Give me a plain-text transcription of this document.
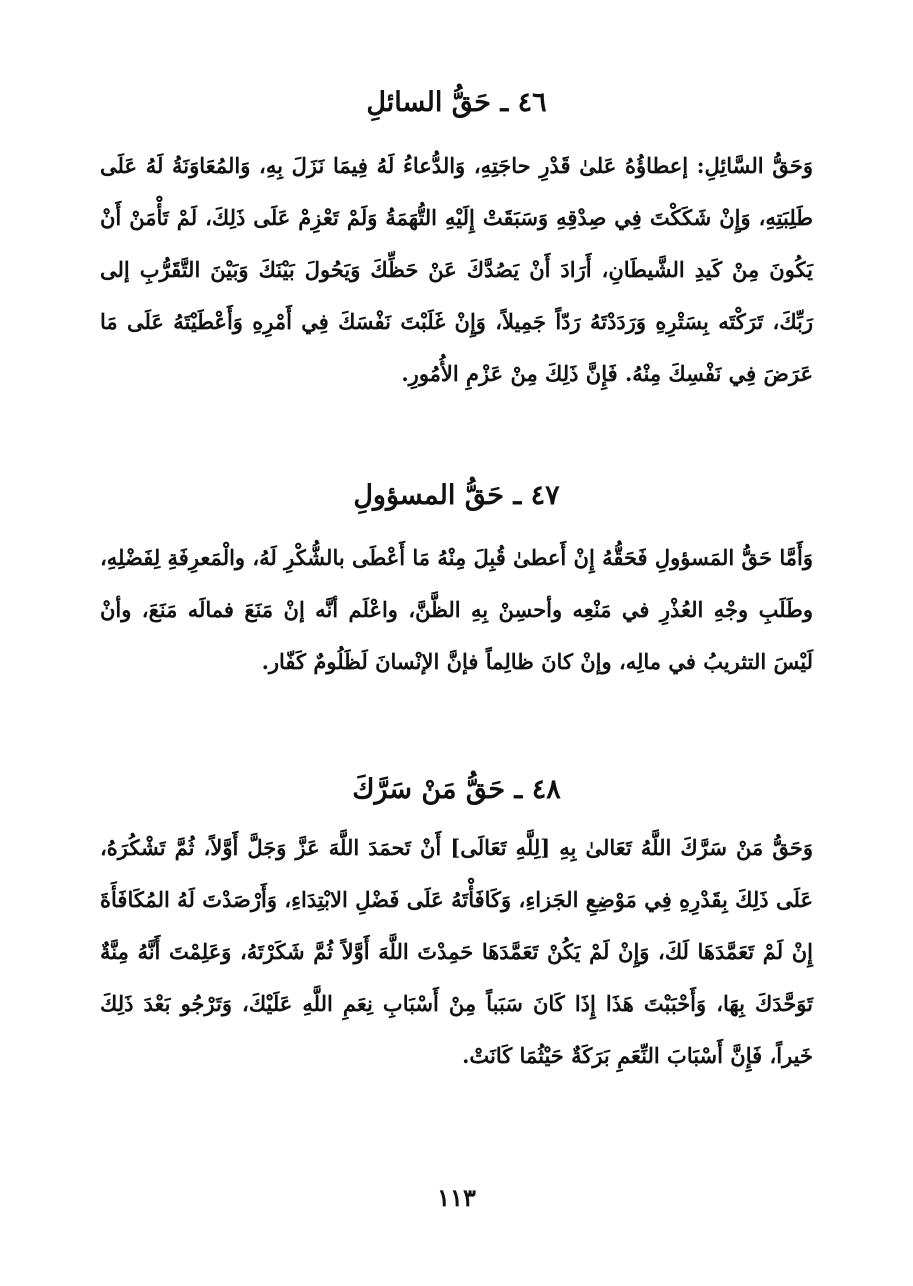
٤٦ ـ حَقُّ السائلِ

وَحَقُّ السَّائِلِ: إعطاؤُهُ عَلىٰ قَدْرِ حاجَتِهِ، وَالدُّعاءُ لَهُ فِيمَا نَزَلَ بِهِ، وَالمُعَاوَنَةُ لَهُ عَلَى طَلِبَتِهِ، وَإِنْ شَكَكْتَ فِي صِدْقِهِ وَسَبَقَتْ إِلَيْهِ التُّهَمَةُ وَلَمْ تَعْزِمْ عَلَى ذَلِكَ، لَمْ تَأْمَنْ أَنْ يَكُونَ مِنْ كَيدِ الشَّيطَانِ، أَرَادَ أَنْ يَصُدَّكَ عَنْ حَظِّكَ وَيَحُولَ بَيْنَكَ وَبَيْنَ التَّقَرُّبِ إلى رَبِّكَ، تَرَكْتَه بِسَتْرِهِ وَرَدَدْتَهُ رَدّاً جَمِيلاً، وَإِنْ غَلَبْتَ نَفْسَكَ فِي أَمْرِهِ وَأَعْطَيْتَهُ عَلَى مَا عَرَضَ فِي نَفْسِكَ مِنْهُ. فَإِنَّ ذَلِكَ مِنْ عَزْمِ الأُمُورِ.

٤٧ ـ حَقُّ المسؤولِ

وَأَمَّا حَقُّ المَسؤولِ فَحَقُّهُ إِنْ أَعطىٰ قُبِلَ مِنْهُ مَا أَعْطَى بالشُّكْرِ لَهُ، والْمَعرِفَةِ لِفَضْلِهِ، وطَلَبِ وجْهِ العُذْرِ في مَنْعِه وأحسِنْ بِهِ الظَّنَّ، واعْلَم أنَّه إنْ مَنَعَ فمالَه مَنَعَ، وأنْ لَيْسَ التثريبُ في مالِه، وإنْ كانَ ظالِماً فإنَّ الإنْسانَ لَظَلُومٌ كَفّار.

٤٨ ـ حَقُّ مَنْ سَرَّكَ

وَحَقُّ مَنْ سَرَّكَ اللَّهُ تَعَالىٰ بِهِ [لِلَّهِ تَعَالَى] أَنْ تَحمَدَ اللَّهَ عَزَّ وَجَلَّ أَوَّلاً، ثُمَّ تَشْكُرَهُ، عَلَى ذَلِكَ بِقَدْرِهِ فِي مَوْضِعِ الجَزاءِ، وَكَافَأْتَهُ عَلَى فَضْلِ الابْتِدَاءِ، وَأَرْصَدْتَ لَهُ المُكَافَأَةَ إِنْ لَمْ تَعَمَّدَهَا لَكَ، وَإِنْ لَمْ يَكُنْ تَعَمَّدَهَا حَمِدْتَ اللَّهَ أَوَّلاً ثُمَّ شَكَرْتَهُ، وَعَلِمْتَ أَنَّهُ مِنَّةٌ تَوَحَّدَكَ بِهَا، وَأَحْبَبْتَ هَذَا إِذَا كَانَ سَبَباً مِنْ أَسْبَابِ نِعَمِ اللَّهِ عَلَيْكَ، وَتَرْجُو بَعْدَ ذَلِكَ خَيراً، فَإِنَّ أَسْبَابَ النِّعَمِ بَرَكَةٌ حَيْثُمَا كَانَتْ.

١١٣
